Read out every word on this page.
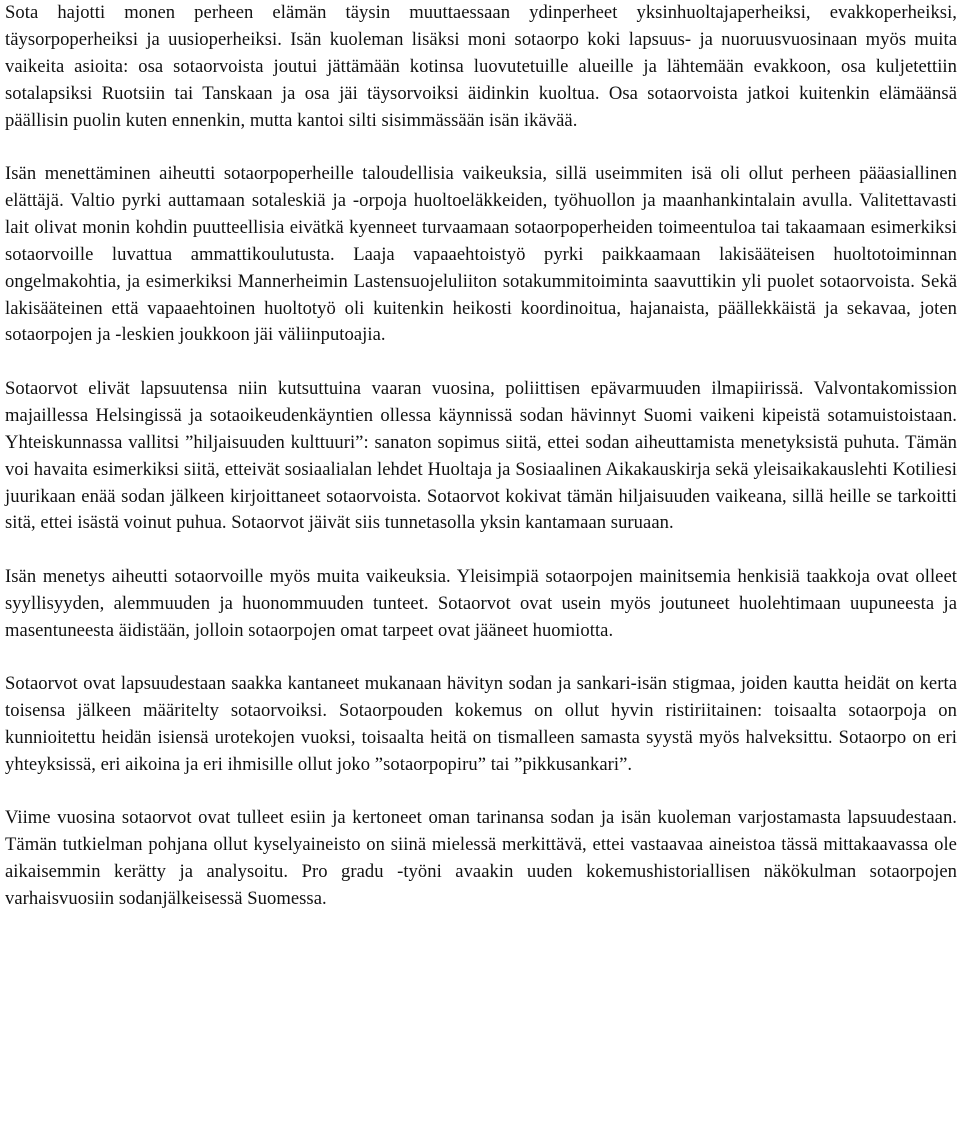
Sota hajotti monen perheen elämän täysin muuttaessaan ydinperheet yksinhuoltajaperheiksi, evakkoperheiksi, täysorpoperheiksi ja uusioperheiksi. Isän kuoleman lisäksi moni sotaorpo koki lapsuus- ja nuoruusvuosinaan myös muita vaikeita asioita: osa sotaorvoista joutui jättämään kotinsa luovutetuille alueille ja lähtemään evakkoon, osa kuljetettiin sotalapsiksi Ruotsiin tai Tanskaan ja osa jäi täysorvoiksi äidinkin kuoltua. Osa sotaorvoista jatkoi kuitenkin elämäänsä päällisin puolin kuten ennenkin, mutta kantoi silti sisimmässään isän ikävää.

Isän menettäminen aiheutti sotaorpoperheille taloudellisia vaikeuksia, sillä useimmiten isä oli ollut perheen pääasiallinen elättäjä. Valtio pyrki auttamaan sotaleskiä ja -orpoja huoltoeläkkeiden, työhuollon ja maanhankintalain avulla. Valitettavasti lait olivat monin kohdin puutteellisia eivätkä kyenneet turvaamaan sotaorpoperheiden toimeentuloa tai takaamaan esimerkiksi sotaorvoille luvattua ammattikoulutusta. Laaja vapaaehtoistyö pyrki paikkaamaan lakisääteisen huoltotoiminnan ongelmakohtia, ja esimerkiksi Mannerheimin Lastensuojeluliiton sotakummitoiminta saavuttikin yli puolet sotaorvoista. Sekä lakisääteinen että vapaaehtoinen huoltotyö oli kuitenkin heikosti koordinoitua, hajanaista, päällekkäistä ja sekavaa, joten sotaorpojen ja -leskien joukkoon jäi väliinputoajia.

Sotaorvot elivät lapsuutensa niin kutsuttuina vaaran vuosina, poliittisen epävarmuuden ilmapiirissä. Valvontakomission majaillessa Helsingissä ja sotaoikeudenkäyntien ollessa käynnissä sodan hävinnyt Suomi vaikeni kipeistä sotamuistoistaan. Yhteiskunnassa vallitsi ”hiljaisuuden kulttuuri”: sanaton sopimus siitä, ettei sodan aiheuttamista menetyksistä puhuta. Tämän voi havaita esimerkiksi siitä, etteivät sosiaalialan lehdet Huoltaja ja Sosiaalinen Aikakauskirja sekä yleisaikakauslehti Kotiliesi juurikaan enää sodan jälkeen kirjoittaneet sotaorvoista. Sotaorvot kokivat tämän hiljaisuuden vaikeana, sillä heille se tarkoitti sitä, ettei isästä voinut puhua. Sotaorvot jäivät siis tunnetasolla yksin kantamaan suruaan.

Isän menetys aiheutti sotaorvoille myös muita vaikeuksia. Yleisimpiä sotaorpojen mainitsemia henkisiä taakkoja ovat olleet syyllisyyden, alemmuuden ja huonommuuden tunteet. Sotaorvot ovat usein myös joutuneet huolehtimaan uupuneesta ja masentuneesta äidistään, jolloin sotaorpojen omat tarpeet ovat jääneet huomiotta.

Sotaorvot ovat lapsuudestaan saakka kantaneet mukanaan hävityn sodan ja sankari-isän stigmaa, joiden kautta heidät on kerta toisensa jälkeen määritelty sotaorvoiksi. Sotaorpouden kokemus on ollut hyvin ristiriitainen: toisaalta sotaorpoja on kunnioitettu heidän isiensä urotekojen vuoksi, toisaalta heitä on tismalleen samasta syystä myös halveksittu. Sotaorpo on eri yhteyksissä, eri aikoina ja eri ihmisille ollut joko ”sotaorpopiru” tai ”pikkusankari”.

Viime vuosina sotaorvot ovat tulleet esiin ja kertoneet oman tarinansa sodan ja isän kuoleman varjostamasta lapsuudestaan. Tämän tutkielman pohjana ollut kyselyaineisto on siinä mielessä merkittävä, ettei vastaavaa aineistoa tässä mittakaavassa ole aikaisemmin kerätty ja analysoitu. Pro gradu -työni avaakin uuden kokemushistoriallisen näkökulman sotaorpojen varhaisvuosiin sodanjälkeisessä Suomessa.
